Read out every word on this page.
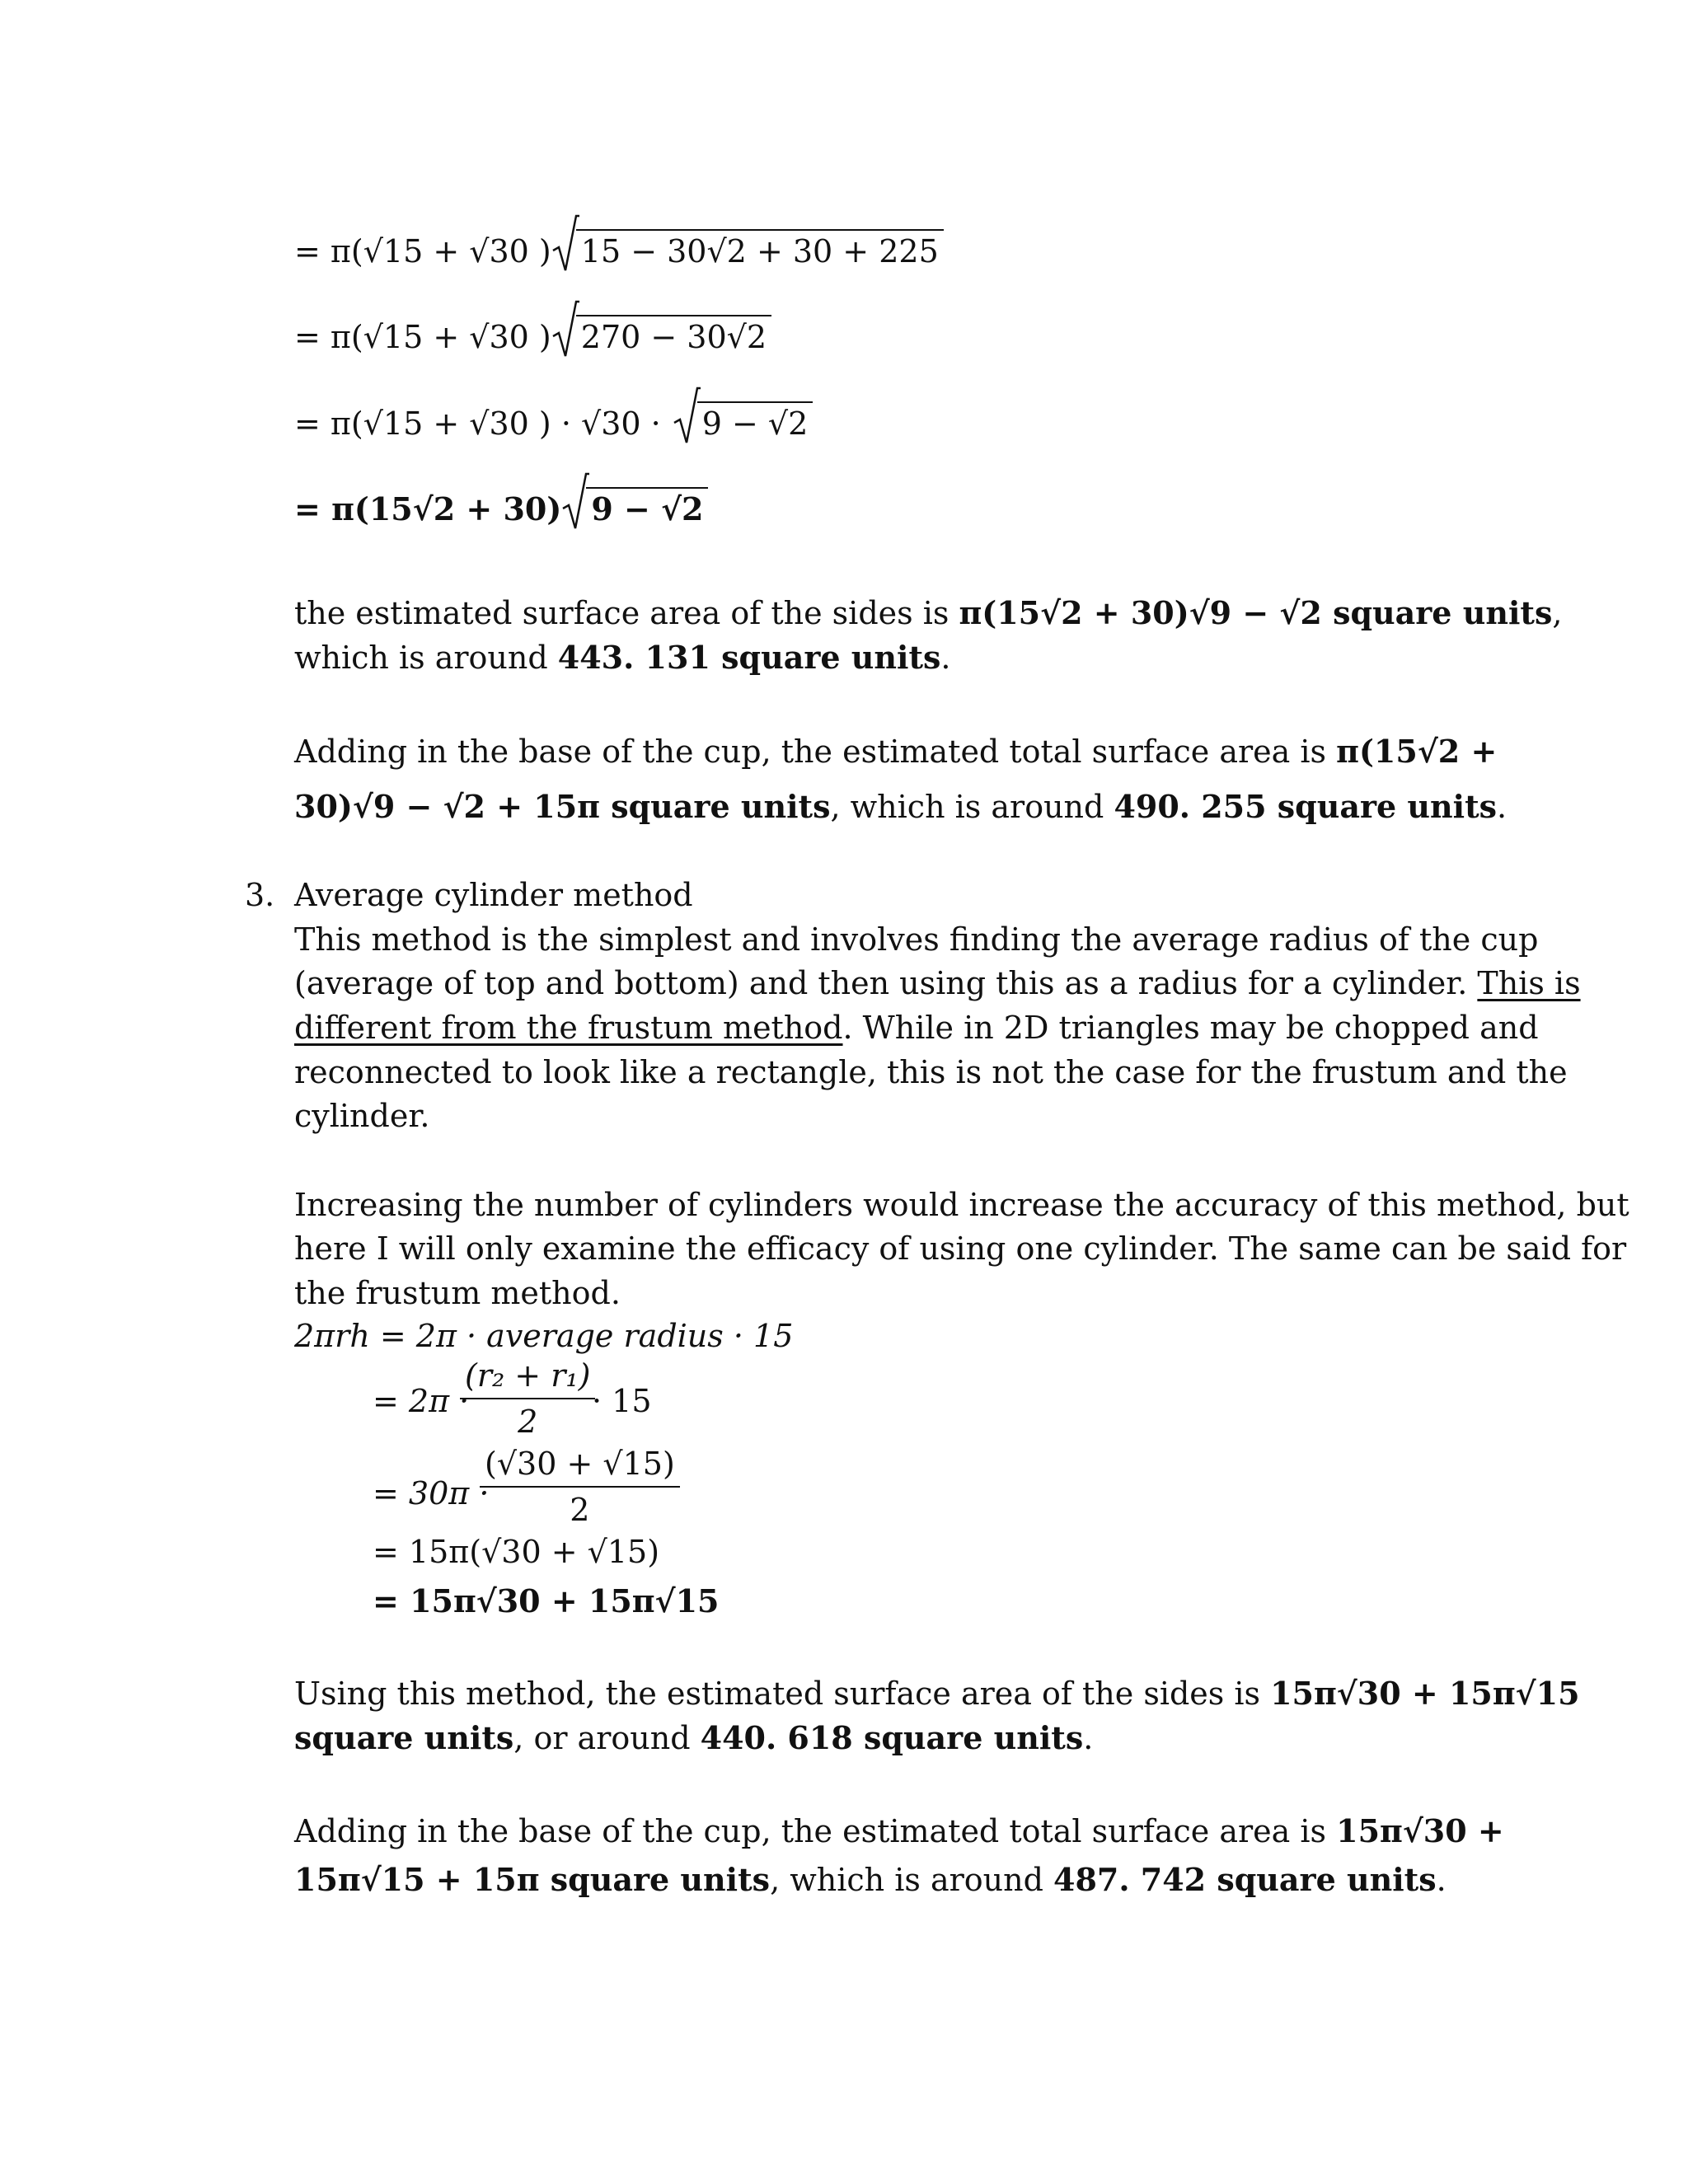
= π(√15 + √30 ) 15 − 30√2 + 30 + 225
= π(√15 + √30 ) 270 − 30√2
= π(√15 + √30 ) · √30 · 9 − √2
= π(15√2 + 30) 9 − √2
the estimated surface area of the sides is π(15√2 + 30)√9 − √2 square units,
which is around 443. 131 square units.
Adding in the base of the cup, the estimated total surface area is π(15√2 +
30)√9 − √2 + 15π square units, which is around 490. 255 square units.
3. Average cylinder method
This method is the simplest and involves finding the average radius of the cup
(average of top and bottom) and then using this as a radius for a cylinder. This is
different from the frustum method. While in 2D triangles may be chopped and
reconnected to look like a rectangle, this is not the case for the frustum and the
cylinder.
Increasing the number of cylinders would increase the accuracy of this method, but
here I will only examine the efficacy of using one cylinder. The same can be said for
the frustum method.
2πrh = 2π · average radius · 15
= 2π ·
$\frac{\text{(r₂ + r₁)}}{2}$
· 15
= 30π ·
$\frac{(√30 + √15)}{2}$
= 15π(√30 + √15)
= 15π√30 + 15π√15
Using this method, the estimated surface area of the sides is 15π√30 + 15π√15
square units, or around 440. 618 square units.
Adding in the base of the cup, the estimated total surface area is 15π√30 +
15π√15 + 15π square units, which is around 487. 742 square units.
